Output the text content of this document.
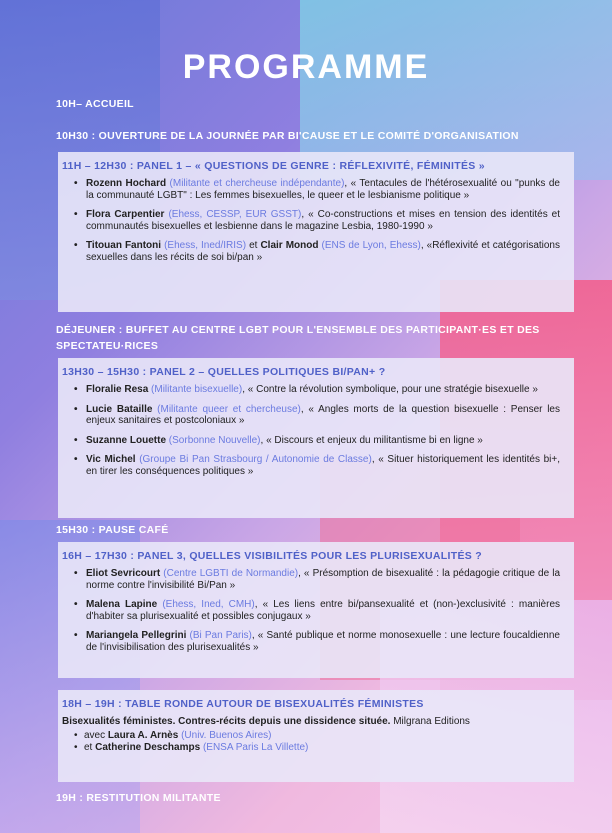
PROGRAMME
10H– ACCUEIL
10H30 : OUVERTURE DE LA JOURNÉE PAR BI'CAUSE ET LE COMITÉ D'ORGANISATION
11H – 12H30 : PANEL 1 – « QUESTIONS DE GENRE : RÉFLEXIVITÉ, FÉMINITÉS »
• Rozenn Hochard (Militante et chercheuse indépendante), « Tentacules de l'hétérosexualité ou "punks de la communauté LGBT" : Les femmes bisexuelles, le queer et le lesbianisme politique »
• Flora Carpentier (Ehess, CESSP, EUR GSST), « Co-constructions et mises en tension des identités et communautés bisexuelles et lesbienne dans le magazine Lesbia, 1980-1990 »
• Titouan Fantoni (Ehess, Ined/IRIS) et Clair Monod (ENS de Lyon, Ehess), «Réflexivité et catégorisations sexuelles dans les récits de soi bi/pan »
DÉJEUNER : BUFFET AU CENTRE LGBT POUR L'ENSEMBLE DES PARTICIPANT·ES ET DES SPECTATEU·RICES
13H30 – 15H30 : PANEL 2 – QUELLES POLITIQUES BI/PAN+ ?
• Floralie Resa (Militante bisexuelle), « Contre la révolution symbolique, pour une stratégie bisexuelle »
• Lucie Bataille (Militante queer et chercheuse), « Angles morts de la question bisexuelle : Penser les enjeux sanitaires et postcoloniaux »
• Suzanne Louette (Sorbonne Nouvelle), « Discours et enjeux du militantisme bi en ligne »
• Vic Michel (Groupe Bi Pan Strasbourg / Autonomie de Classe), « Situer historiquement les identités bi+, en tirer les conséquences politiques »
15H30 : PAUSE CAFÉ
16H – 17H30 : PANEL 3, QUELLES VISIBILITÉS POUR LES PLURISEXUALITÉS ?
• Eliot Sevricourt (Centre LGBTI de Normandie), « Présomption de bisexualité : la pédagogie critique de la norme contre l'invisibilité Bi/Pan »
• Malena Lapine (Ehess, Ined, CMH), « Les liens entre bi/pansexualité et (non-)exclusivité : manières d'habiter sa plurisexualité et possibles conjugaux »
• Mariangela Pellegrini (Bi Pan Paris), « Santé publique et norme monosexuelle : une lecture foucaldienne de l'invisibilisation des plurisexualités »
18H – 19H : TABLE RONDE AUTOUR DE BISEXUALITÉS FÉMINISTES
Bisexualités féministes. Contres-récits depuis une dissidence située. Milgrana Editions
• avec Laura A. Arnès (Univ. Buenos Aires)
• et Catherine Deschamps (ENSA Paris La Villette)
19H : RESTITUTION MILITANTE
